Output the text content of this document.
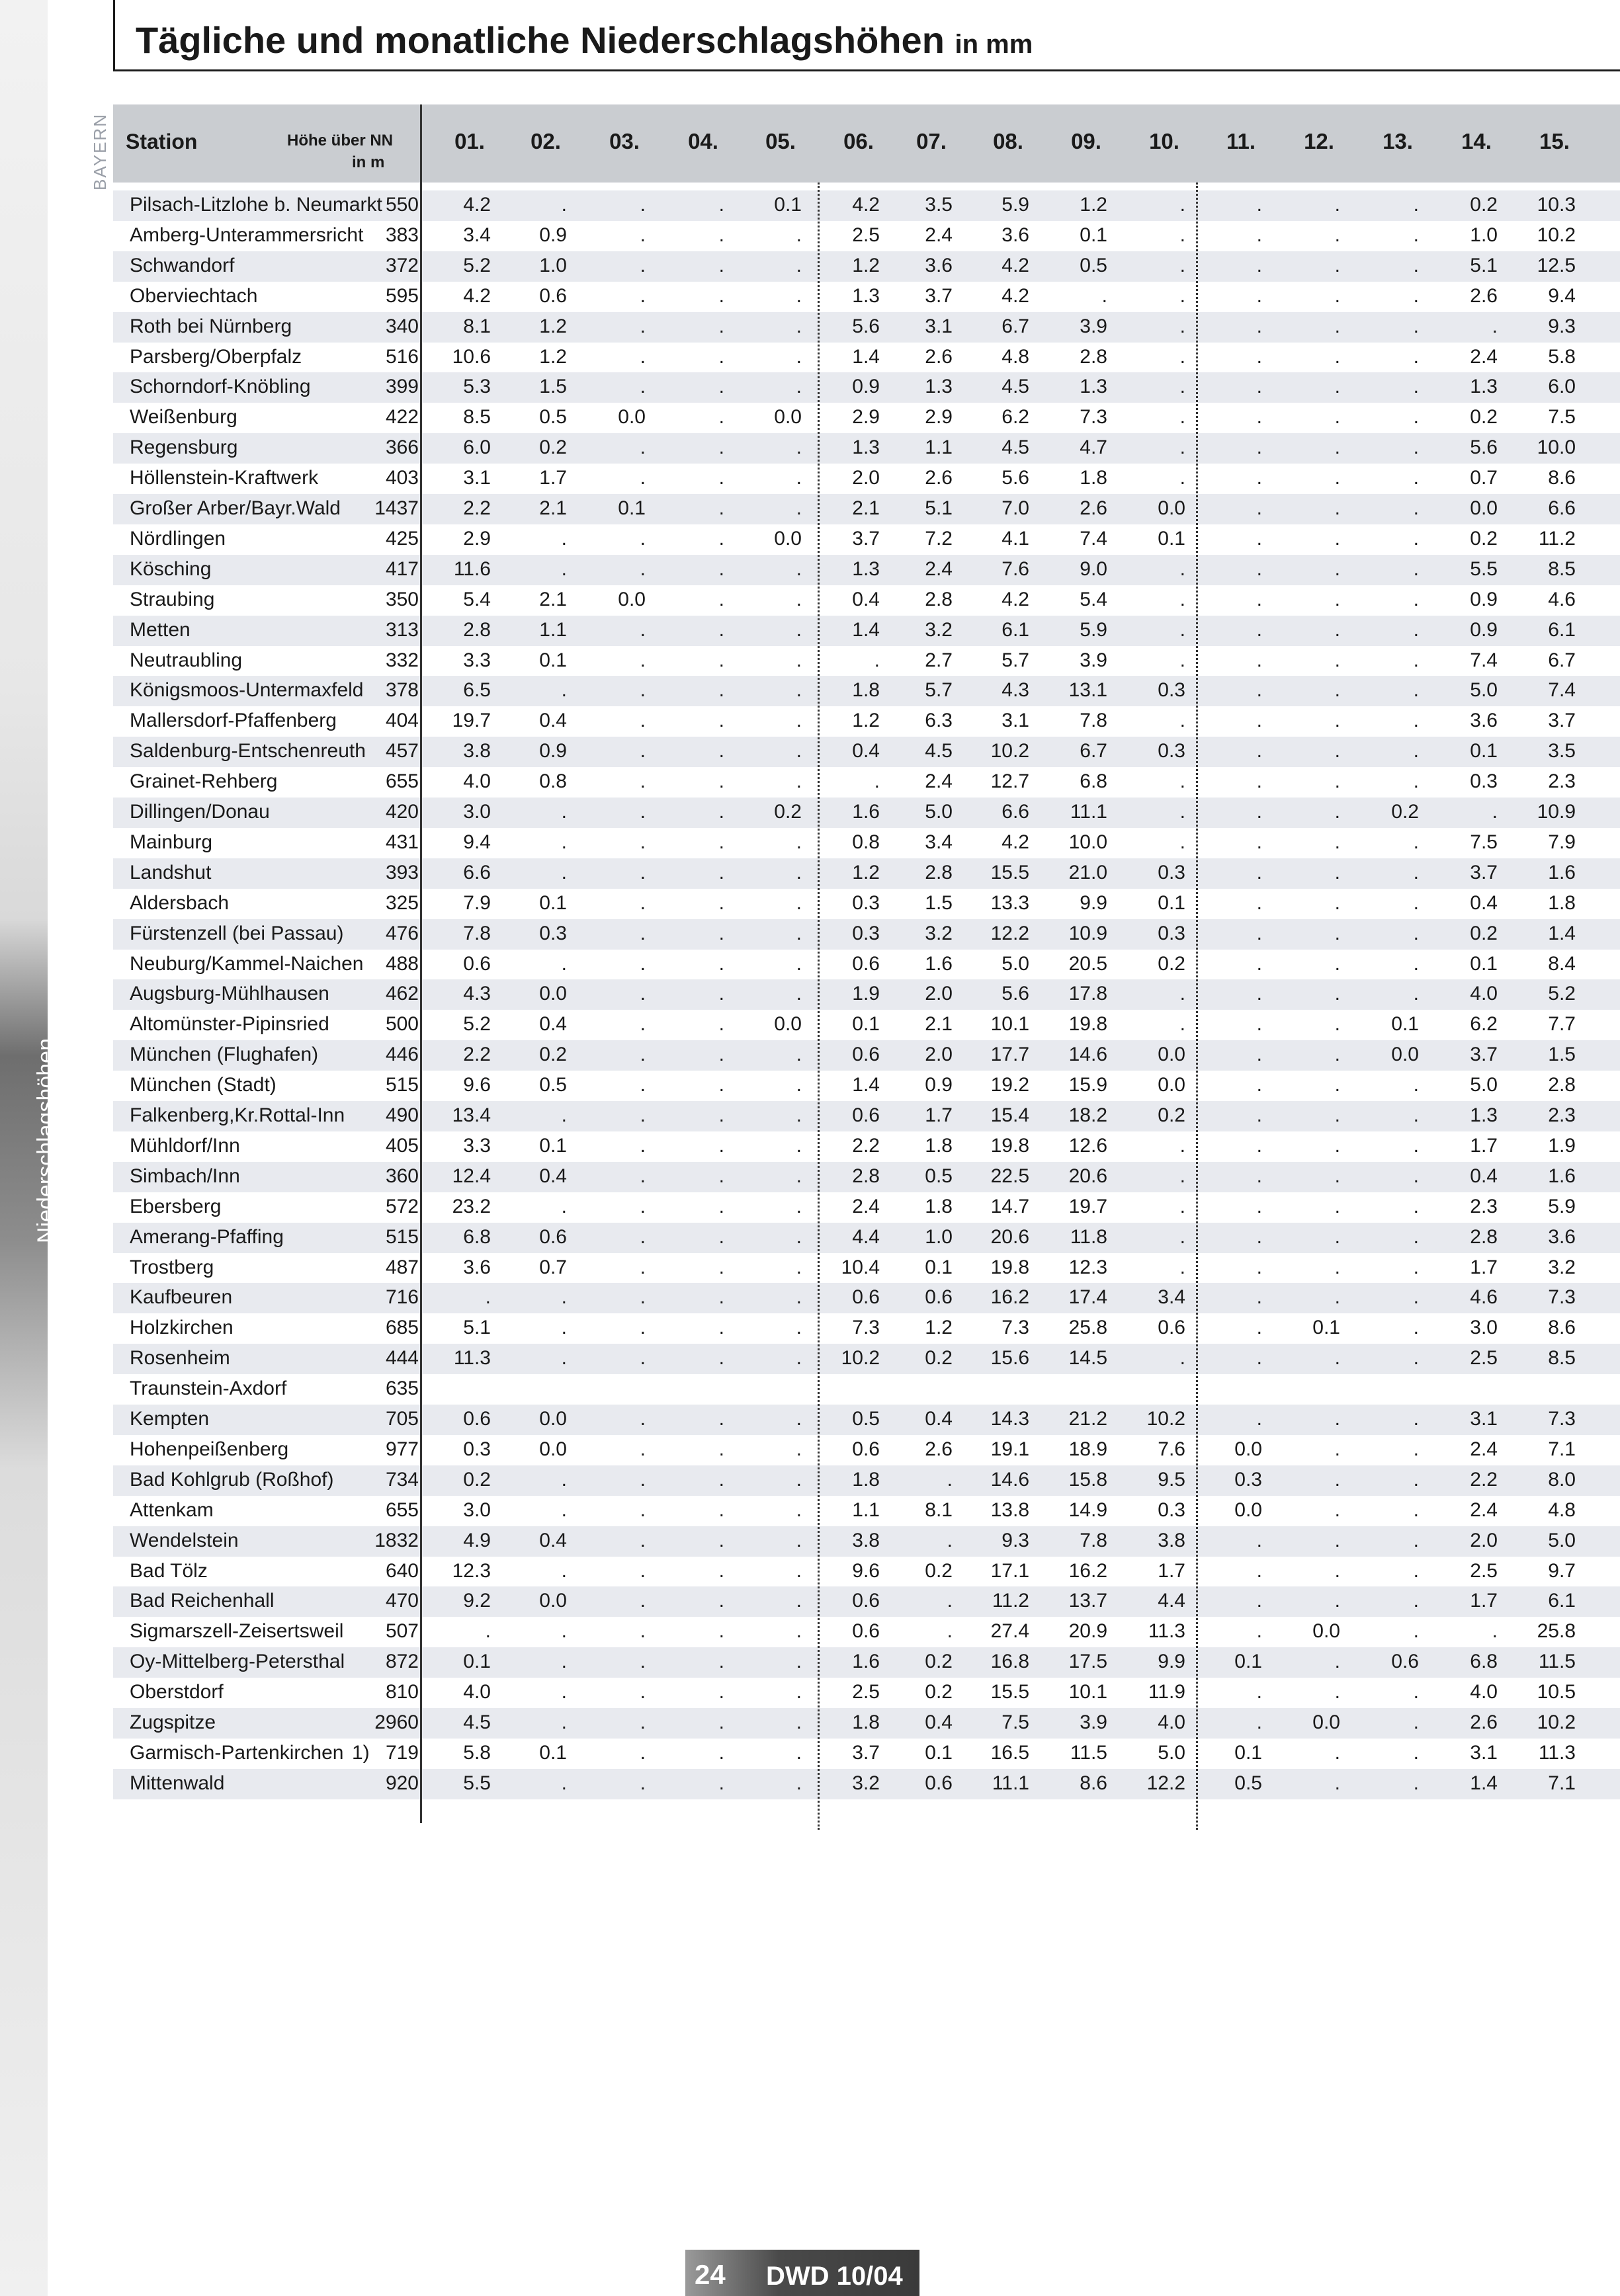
BAYERN
Niederschlagshöhen
Tägliche und monatliche Niederschlagshöhen in mm
Station	Höhe über NN
in m
01. 02. 03. 04. 05. 06. 07. 08. 09. 10. 11. 12. 13. 14. 15.
Pilsach-Litzlohe b. Neumarkt 550	4.2	.	.	.	0.1	4.2	3.5	5.9	1.2	.	.	.	.	0.2	10.3
Amberg-Unterammersricht	383	3.4	0.9	.	.	.	2.5	2.4	3.6	0.1	.	.	.	.	1.0	10.2
Schwandorf	372	5.2	1.0	.	.	.	1.2	3.6	4.2	0.5	.	.	.	.	5.1	12.5
Oberviechtach	595	4.2	0.6	.	.	.	1.3	3.7	4.2	.	.	.	.	.	2.6	9.4
Roth bei Nürnberg	340	8.1	1.2	.	.	.	5.6	3.1	6.7	3.9	.	.	.	.	.	9.3
Parsberg/Oberpfalz	516	10.6	1.2	.	.	.	1.4	2.6	4.8	2.8	.	.	.	.	2.4	5.8
Schorndorf-Knöbling	399	5.3	1.5	.	.	.	0.9	1.3	4.5	1.3	.	.	.	.	1.3	6.0
Weißenburg	422	8.5	0.5	0.0	.	0.0	2.9	2.9	6.2	7.3	.	.	.	.	0.2	7.5
Regensburg	366	6.0	0.2	.	.	.	1.3	1.1	4.5	4.7	.	.	.	.	5.6	10.0
Höllenstein-Kraftwerk	403	3.1	1.7	.	.	.	2.0	2.6	5.6	1.8	.	.	.	.	0.7	8.6
Großer Arber/Bayr.Wald	1437	2.2	2.1	0.1	.	.	2.1	5.1	7.0	2.6	0.0	.	.	.	0.0	6.6
Nördlingen	425	2.9	.	.	.	0.0	3.7	7.2	4.1	7.4	0.1	.	.	.	0.2	11.2
Kösching	417	11.6	.	.	.	.	1.3	2.4	7.6	9.0	.	.	.	.	5.5	8.5
Straubing	350	5.4	2.1	0.0	.	.	0.4	2.8	4.2	5.4	.	.	.	.	0.9	4.6
Metten	313	2.8	1.1	.	.	.	1.4	3.2	6.1	5.9	.	.	.	.	0.9	6.1
Neutraubling	332	3.3	0.1	.	.	.	.	2.7	5.7	3.9	.	.	.	.	7.4	6.7
Königsmoos-Untermaxfeld	378	6.5	.	.	.	.	1.8	5.7	4.3	13.1	0.3	.	.	.	5.0	7.4
Mallersdorf-Pfaffenberg	404	19.7	0.4	.	.	.	1.2	6.3	3.1	7.8	.	.	.	.	3.6	3.7
Saldenburg-Entschenreuth	457	3.8	0.9	.	.	.	0.4	4.5	10.2	6.7	0.3	.	.	.	0.1	3.5
Grainet-Rehberg	655	4.0	0.8	.	.	.	.	2.4	12.7	6.8	.	.	.	.	0.3	2.3
Dillingen/Donau	420	3.0	.	.	.	0.2	1.6	5.0	6.6	11.1	.	.	.	0.2	.	10.9
Mainburg	431	9.4	.	.	.	.	0.8	3.4	4.2	10.0	.	.	.	.	7.5	7.9
Landshut	393	6.6	.	.	.	.	1.2	2.8	15.5	21.0	0.3	.	.	.	3.7	1.6
Aldersbach	325	7.9	0.1	.	.	.	0.3	1.5	13.3	9.9	0.1	.	.	.	0.4	1.8
Fürstenzell (bei Passau)	476	7.8	0.3	.	.	.	0.3	3.2	12.2	10.9	0.3	.	.	.	0.2	1.4
Neuburg/Kammel-Naichen	488	0.6	.	.	.	.	0.6	1.6	5.0	20.5	0.2	.	.	.	0.1	8.4
Augsburg-Mühlhausen	462	4.3	0.0	.	.	.	1.9	2.0	5.6	17.8	.	.	.	.	4.0	5.2
Altomünster-Pipinsried	500	5.2	0.4	.	.	0.0	0.1	2.1	10.1	19.8	.	.	.	0.1	6.2	7.7
München (Flughafen)	446	2.2	0.2	.	.	.	0.6	2.0	17.7	14.6	0.0	.	.	0.0	3.7	1.5
München (Stadt)	515	9.6	0.5	.	.	.	1.4	0.9	19.2	15.9	0.0	.	.	.	5.0	2.8
Falkenberg,Kr.Rottal-Inn	490	13.4	.	.	.	.	0.6	1.7	15.4	18.2	0.2	.	.	.	1.3	2.3
Mühldorf/Inn	405	3.3	0.1	.	.	.	2.2	1.8	19.8	12.6	.	.	.	.	1.7	1.9
Simbach/Inn	360	12.4	0.4	.	.	.	2.8	0.5	22.5	20.6	.	.	.	.	0.4	1.6
Ebersberg	572	23.2	.	.	.	.	2.4	1.8	14.7	19.7	.	.	.	.	2.3	5.9
Amerang-Pfaffing	515	6.8	0.6	.	.	.	4.4	1.0	20.6	11.8	.	.	.	.	2.8	3.6
Trostberg	487	3.6	0.7	.	.	.	10.4	0.1	19.8	12.3	.	.	.	.	1.7	3.2
Kaufbeuren	716	.	.	.	.	.	0.6	0.6	16.2	17.4	3.4	.	.	.	4.6	7.3
Holzkirchen	685	5.1	.	.	.	.	7.3	1.2	7.3	25.8	0.6	.	0.1	.	3.0	8.6
Rosenheim	444	11.3	.	.	.	.	10.2	0.2	15.6	14.5	.	.	.	.	2.5	8.5
Traunstein-Axdorf	635
Kempten	705	0.6	0.0	.	.	.	0.5	0.4	14.3	21.2	10.2	.	.	.	3.1	7.3
Hohenpeißenberg	977	0.3	0.0	.	.	.	0.6	2.6	19.1	18.9	7.6	0.0	.	.	2.4	7.1
Bad Kohlgrub (Roßhof)	734	0.2	.	.	.	.	1.8	.	14.6	15.8	9.5	0.3	.	.	2.2	8.0
Attenkam	655	3.0	.	.	.	.	1.1	8.1	13.8	14.9	0.3	0.0	.	.	2.4	4.8
Wendelstein	1832	4.9	0.4	.	.	.	3.8	.	9.3	7.8	3.8	.	.	.	2.0	5.0
Bad Tölz	640	12.3	.	.	.	.	9.6	0.2	17.1	16.2	1.7	.	.	.	2.5	9.7
Bad Reichenhall	470	9.2	0.0	.	.	.	0.6	.	11.2	13.7	4.4	.	.	.	1.7	6.1
Sigmarszell-Zeisertsweil	507	.	.	.	.	.	0.6	.	27.4	20.9	11.3	.	0.0	.	.	25.8
Oy-Mittelberg-Petersthal	872	0.1	.	.	.	.	1.6	0.2	16.8	17.5	9.9	0.1	.	0.6	6.8	11.5
Oberstdorf	810	4.0	.	.	.	.	2.5	0.2	15.5	10.1	11.9	.	.	.	4.0	10.5
Zugspitze	2960	4.5	.	.	.	.	1.8	0.4	7.5	3.9	4.0	.	0.0	.	2.6	10.2
Garmisch-Partenkirchen 1) 719	5.8	0.1	.	.	.	3.7	0.1	16.5	11.5	5.0	0.1	.	.	3.1	11.3
Mittenwald	920	5.5	.	.	.	.	3.2	0.6	11.1	8.6	12.2	0.5	.	.	1.4	7.1
24 DWD 10/04
